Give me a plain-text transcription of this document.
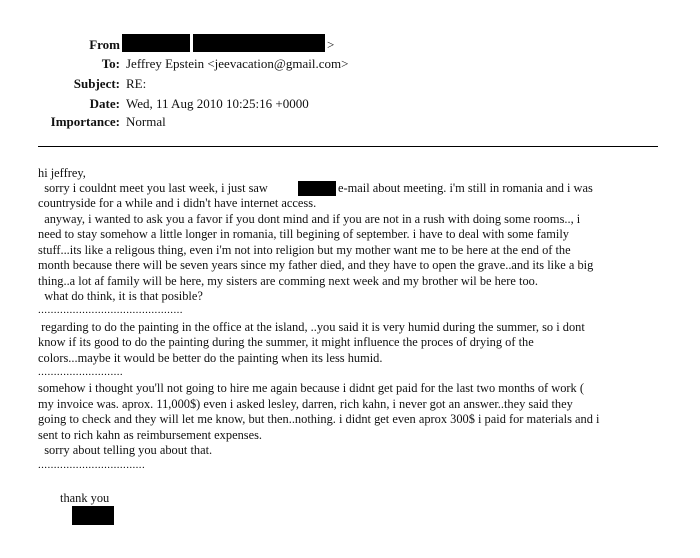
From	>
To: Jeffrey Epstein <jeevacation@gmail.com>
Subject: RE:
Date: Wed, 11 Aug 2010 10:25:16 +0000
Importance: Normal
hi jeffrey,
sorry i couldnt meet you last week, i just saw	e-mail about meeting. i'm still in romania and i was
countryside for a while and i didn't have internet access.
anyway, i wanted to ask you a favor if you dont mind and if you are not in a rush with doing some rooms.., i
need to stay somehow a little longer in romania, till begining of september. i have to deal with some family
stuff...its like a religous thing, even i'm not into religion but my mother want me to be here at the end of the
month because there will be seven years since my father died, and they have to open the grave..and its like a big
thing..a lot af family will be here, my sisters are comming next week and my brother wil be here too.
what do think, it is that posible?
..............................................
regarding to do the painting in the office at the island, ..you said it is very humid during the summer, so i dont
know if its good to do the painting during the summer, it might influence the proces of drying of the
colors...maybe it would be better do the painting when its less humid.
...........................
somehow i thought you'll not going to hire me again because i didnt get paid for the last two months of work (
my invoice was. aprox. 11,000$) even i asked lesley, darren, rich kahn, i never got an answer..they said they
going to check and they will let me know, but then..nothing. i didnt get even aprox 300$ i paid for materials and i
sent to rich kahn as reimbursement expenses.
sorry about telling you about that.
..................................
thank you
